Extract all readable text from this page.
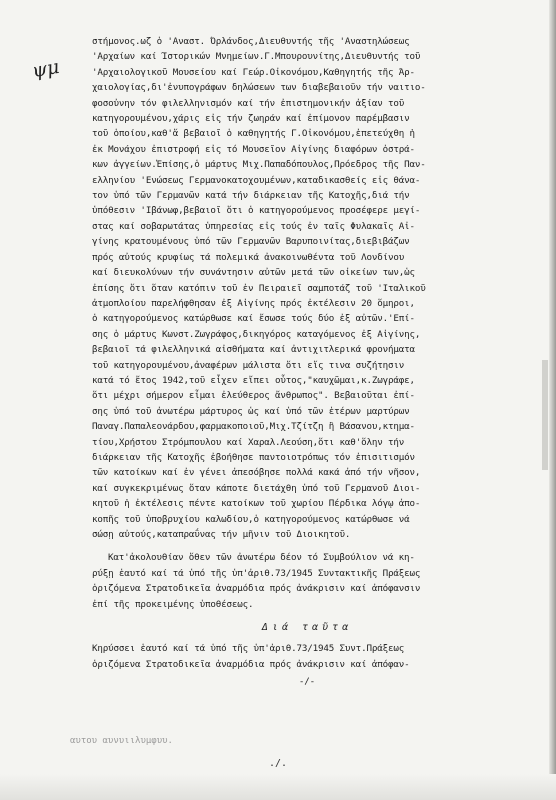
ψμ
στήμονος.ωζ ὁ 'Αναστ. Όρλάνδος,Διευθυντής τῆς 'Αναστηλώσεως
'Αρχαίων καί Ίστορικών Μνημείων.Γ.Μπουρουνίτης,Διευθυντής τοῦ
'Αρχαιολογικοῦ Μουσείου καί Γεώρ.Οἰκονόμου,Καθηγητής τῆς Άρ-
χαιολογίας,δι'ἐνυπογράφων δηλώσεων των διαβεβαιοῦν τήν ναιτιο-
φοσοὐνην τόν φιλελληνισμόν καί τήν ἐπιστημονικήν ἀξίαν τοῦ
κατηγορουμένου,χάρις εἰς τήν ζωηράν καί ἐπίμονον παρέμβασιν
τοῦ ὁποίου,καθ'ἅ βεβαιοῖ ὁ καθηγητής Γ.Οἰκονόμου,ἐπετεύχθη ἡ
ἐκ Μονάχου ἐπιστροφή εἰς τό Μουσεῖον Αἰγίνης διαφόρων ὀστρά-
κων ἀγγείων.Ἐπίσης,ὁ μάρτυς Μιχ.Παπαδόπουλος,Πρόεδρος τῆς Παν-
ελληνίου 'Ενώσεως Γερμανοκατοχουμένων,καταδικασθείς εἰς θάνα-
τον ὑπό τῶν Γερμανῶν κατά τήν διάρκειαν τῆς Κατοχῆς,διά τήν
ὑπόθεσιν 'Ιβάνωφ,βεβαιοῖ ὅτι ὁ κατηγορούμενος προσέφερε μεγί-
στας καί σοβαρωτάτας ὑπηρεσίας εἰς τούς ἐν ταῖς Φυλακαῖς Αἰ-
γίνης κρατουμένους ὑπό τῶν Γερμανῶν Βαρυποινίτας,διεβιβάζων
πρός αὐτούς κρυφίως τά πολεμικά ἀνακοινωθέντα τοῦ Λονδίνου
καί διευκολύνων τήν συνάντησιν αὐτῶν μετά τῶν οἰκείων των,ὡς
ἐπίσης ὅτι ὅταν κατόπιν τοῦ ἐν Πειραιεῖ σαμποτάζ τοῦ 'Ιταλικοῦ
ἀτμοπλοίου παρελήφθησαν ἐξ Αἰγίνης πρός ἐκτέλεσιν 20 ὅμηροι,
ὁ κατηγορούμενος κατώρθωσε καί ἔσωσε τούς δύο ἐξ αὐτῶν.'Επί-
σης ὁ μάρτυς Κωνστ.Ζωγράφος,δικηγόρος καταγόμενος ἐξ Αἰγίνης,
βεβαιοῖ τά φιλελληνικά αἰσθήματα καί ἀντιχιτλερικά φρονήματα
τοῦ κατηγορουμένου,ἀναφέρων μάλιστα ὅτι εἴς τινα συζήτησιν
κατά τό ἔτος 1942,τοῦ εἶχεν εἴπει οὗτος,"καυχῶμαι,κ.Ζωγράφε,
ὅτι μέχρι σήμερον εἶμαι ἐλεύθερος ἄνθρωπος". Βεβαιοῦται ἐπί-
σης ὑπό τοῦ ἀνωτέρω μάρτυρος ὡς καί ὑπό τῶν ἑτέρων μαρτύρων
Παναγ.Παπαλεονάρδου,φαρμακοποιοῦ,Μιχ.Τζίτζη ἢ Βάσανου,κτημα-
τίου,Χρήστου Στρόμπουλου καί Χαραλ.Λεούση,ὅτι καθ'ὅλην τήν
διάρκειαν τῆς Κατοχῆς ἐβοήθησε παντοιοτρόπως τόν ἐπισιτισμόν
τῶν κατοίκων καί ἐν γένει ἀπεσόβησε πολλά κακά ἀπό τήν νῆσον,
καί συγκεκριμένως ὅταν κάποτε διετάχθη ὑπό τοῦ Γερμανοῦ Διοι-
κητοῦ ἡ ἐκτέλεσις πέντε κατοίκων τοῦ χωρίου Πέρδικα λόγῳ ἀπο-
κοπῆς τοῦ ὑποβρυχίου καλωδίου,ὁ κατηγορούμενος κατώρθωσε νά
σώσῃ αὐτούς,καταπραΰνας τήν μῆνιν τοῦ Διοικητοῦ.
Κατ'ἀκολουθίαν ὅθεν τῶν ἀνωτέρω δέον τό Συμβούλιον νά κη-
ρύξῃ ἑαυτό καί τά ὑπό τῆς ὑπ'ἀριθ.73/1945 Συντακτικῆς Πράξεως
ὁριζόμενα Στρατοδικεῖα ἀναρμόδια πρός ἀνάκρισιν καί ἀπόφανσιν
ἐπί τῆς προκειμένης ὑποθέσεως.
Διά ταῦτα
Κηρύσσει ἑαυτό καί τά ὑπό τῆς ὑπ'ἀριθ.73/1945 Συντ.Πράξεως
ὁριζόμενα Στρατοδικεῖα ἀναρμόδια πρός ἀνάκρισιν καί ἀπόφαν-
-/-
αυτου αυνυιιλυμφυυ.
./.
